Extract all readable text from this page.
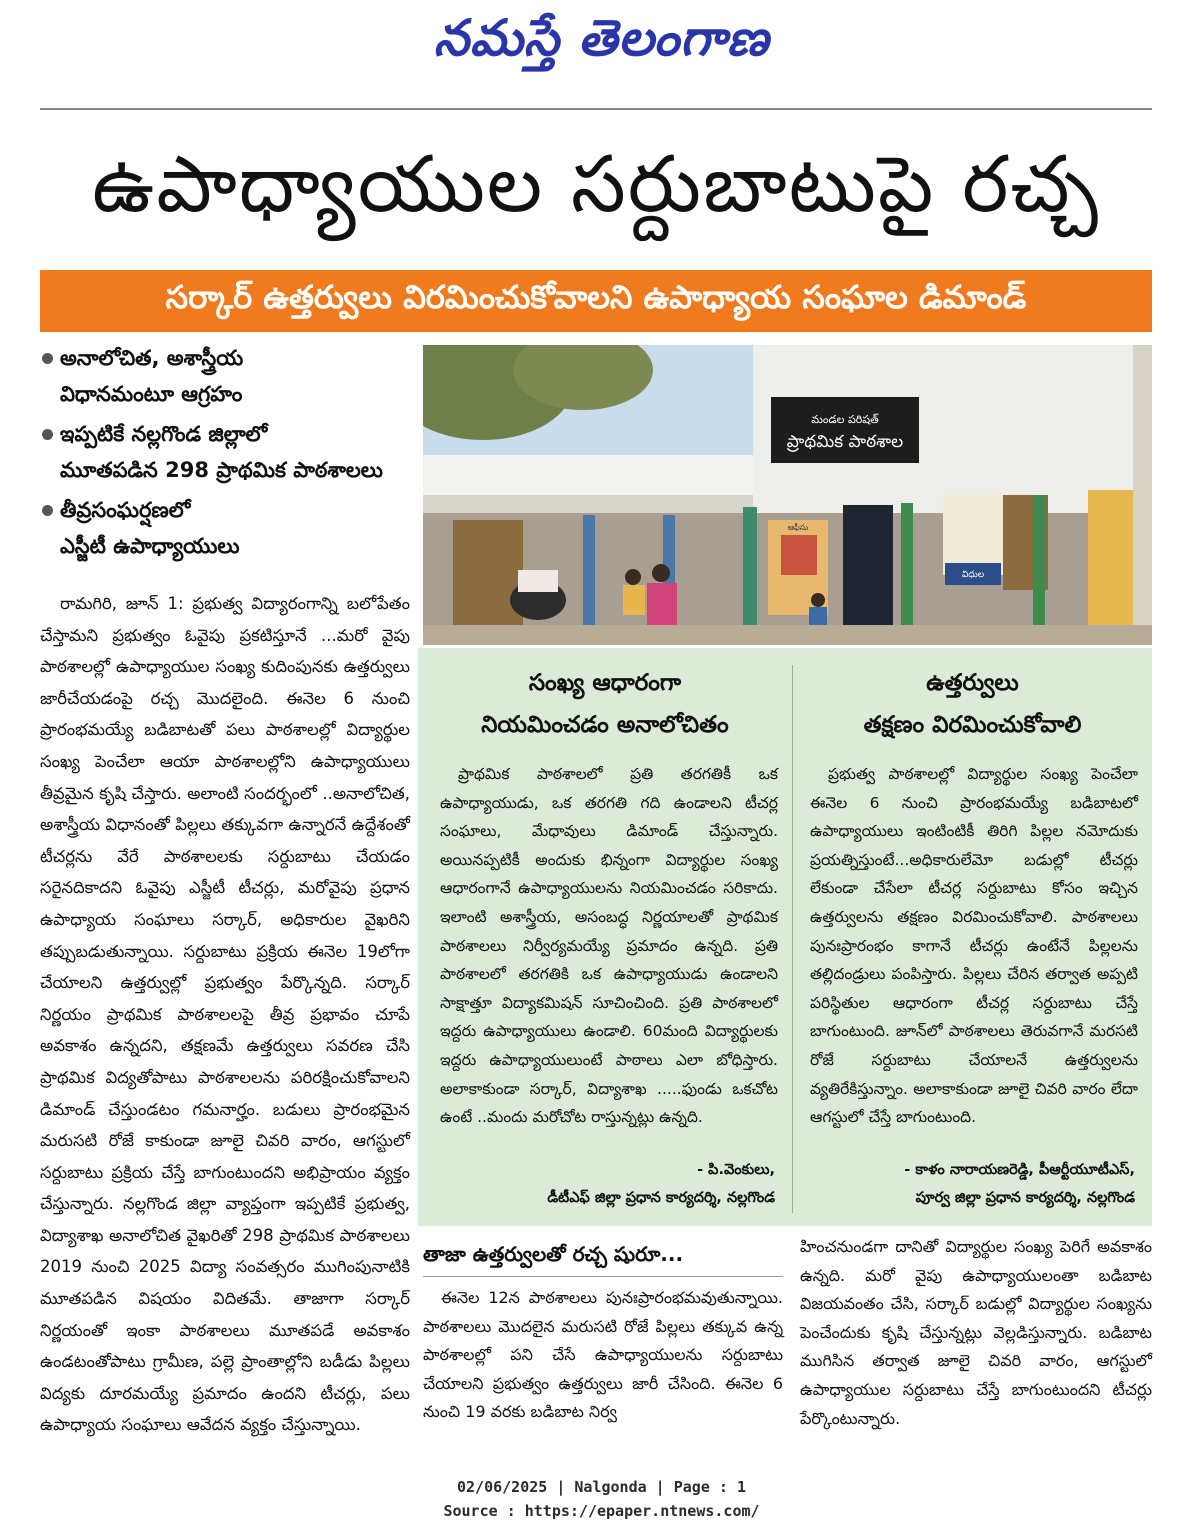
నమస్తే తెలంగాణ
ఉపాధ్యాయుల సర్దుబాటుపై రచ్చ
సర్కార్ ఉత్తర్వులు విరమించుకోవాలని ఉపాధ్యాయ సంఘాల డిమాండ్
అనాలోచిత, అశాస్త్రీయ
విధానమంటూ ఆగ్రహం
ఇప్పటికే నల్లగొండ జిల్లాలో
మూతపడిన 298 ప్రాథమిక పాఠశాలలు
తీవ్రసంఘర్షణలో
ఎస్జీటీ ఉపాధ్యాయులు

రామగిరి, జూన్ 1: ప్రభుత్వ విద్యారంగాన్ని బలోపేతం చేస్తామని ప్రభుత్వం ఓవైపు ప్రకటిస్తూనే ...మరో వైపు పాఠశాలల్లో ఉపాధ్యాయుల సంఖ్య కుదింపునకు ఉత్తర్వులు జారీచేయడంపై రచ్చ మొదలైంది. ఈనెల 6 నుంచి ప్రారంభమయ్యే బడిబాటతో పలు పాఠశాలల్లో విద్యార్థుల సంఖ్య పెంచేలా ఆయా పాఠశాలల్లోని ఉపాధ్యాయులు తీవ్రమైన కృషి చేస్తారు. అలాంటి సందర్భంలో ..అనాలోచిత, అశాస్త్రీయ విధానంతో పిల్లలు తక్కువగా ఉన్నారనే ఉద్దేశంతో టీచర్లను వేరే పాఠశాలలకు సర్దుబాటు చేయడం సరైనదికాదని ఓవైపు ఎస్జీటీ టీచర్లు, మరోవైపు ప్రధాన ఉపాధ్యాయ సంఘాలు సర్కార్, అధికారుల వైఖరిని తప్పుబడుతున్నాయి. సర్దుబాటు ప్రక్రియ ఈనెల 19లోగా చేయాలని ఉత్తర్వుల్లో ప్రభుత్వం పేర్కొన్నది. సర్కార్ నిర్ణయం ప్రాథమిక పాఠశాలలపై తీవ్ర ప్రభావం చూపే అవకాశం ఉన్నదని, తక్షణమే ఉత్తర్వులు సవరణ చేసి ప్రాథమిక విద్యతోపాటు పాఠశాలలను పరిరక్షించుకోవాలని డిమాండ్ చేస్తుండటం గమనార్హం. బడులు ప్రారంభమైన మరుసటి రోజే కాకుండా జూలై చివరి వారం, ఆగస్టులో సర్దుబాటు ప్రక్రియ చేస్తే బాగుంటుందని అభిప్రాయం వ్యక్తం చేస్తున్నారు. నల్లగొండ జిల్లా వ్యాప్తంగా ఇప్పటికే ప్రభుత్వ, విద్యాశాఖ అనాలోచిత వైఖరితో 298 ప్రాథమిక పాఠశాలలు 2019 నుంచి 2025 విద్యా సంవత్సరం ముగింపునాటికి మూతపడిన విషయం విదితమే. తాజాగా సర్కార్ నిర్ణయంతో ఇంకా పాఠశాలలు మూతపడే అవకాశం ఉండటంతోపాటు గ్రామీణ, పల్లె ప్రాంతాల్లోని బడీడు పిల్లలు విద్యకు దూరమయ్యే ప్రమాదం ఉందని టీచర్లు, పలు ఉపాధ్యాయ సంఘాలు ఆవేదన వ్యక్తం చేస్తున్నాయి.

మండల పరిషత్
ప్రాథమిక పాఠశాల
ఆఫీసు
విధుల
సంఖ్య ఆధారంగా
నియమించడం అనాలోచితం

ప్రాథమిక పాఠశాలలో ప్రతి తరగతికీ ఒక ఉపాధ్యాయుడు, ఒక తరగతి గది ఉండాలని టీచర్ల సంఘాలు, మేధావులు డిమాండ్ చేస్తున్నారు. అయినప్పటికీ అందుకు భిన్నంగా విద్యార్థుల సంఖ్య ఆధారంగానే ఉపాధ్యాయులను నియమించడం సరికాదు. ఇలాంటి అశాస్త్రీయ, అసంబద్ధ నిర్ణయాలతో ప్రాథమిక పాఠశాలలు నిర్వీర్యమయ్యే ప్రమాదం ఉన్నది. ప్రతి పాఠశాలలో తరగతికి ఒక ఉపాధ్యాయుడు ఉండాలని సాక్షాత్తూ విద్యాకమిషన్ సూచించింది. ప్రతి పాఠశాలలో ఇద్దరు ఉపాధ్యాయులు ఉండాలి. 60మంది విద్యార్థులకు ఇద్దరు ఉపాధ్యాయులుంటే పాఠాలు ఎలా బోధిస్తారు. అలాకాకుండా సర్కార్, విద్యాశాఖ .....ఫుండు ఒకచోట ఉంటే ..మందు మరోచోట రాస్తున్నట్లు ఉన్నది.

- పి.వెంకులు,
డీటీఎఫ్ జిల్లా ప్రధాన కార్యదర్శి, నల్లగొండ
ఉత్తర్వులు
తక్షణం విరమించుకోవాలి

ప్రభుత్వ పాఠశాలల్లో విద్యార్థుల సంఖ్య పెంచేలా ఈనెల 6 నుంచి ప్రారంభమయ్యే బడిబాటలో ఉపాధ్యాయులు ఇంటింటికీ తిరిగి పిల్లల నమోదుకు ప్రయత్నిస్తుంటే...అధికారులేమో బడుల్లో టీచర్లు లేకుండా చేసేలా టీచర్ల సర్దుబాటు కోసం ఇచ్చిన ఉత్తర్వులను తక్షణం విరమించుకోవాలి. పాఠశాలలు పునఃప్రారంభం కాగానే టీచర్లు ఉంటేనే పిల్లలను తల్లిదండ్రులు పంపిస్తారు. పిల్లలు చేరిన తర్వాత అప్పటి పరిస్థితుల ఆధారంగా టీచర్ల సర్దుబాటు చేస్తే బాగుంటుంది. జూన్‌లో పాఠశాలలు తెరువగానే మరసటి రోజే సర్దుబాటు చేయాలనే ఉత్తర్వులను వ్యతిరేకిస్తున్నాం. అలాకాకుండా జూలై చివరి వారం లేదా ఆగస్టులో చేస్తే బాగుంటుంది.

- కాళం నారాయణరెడ్డి, పీఆర్టీయూటీఎస్,
పూర్వ జిల్లా ప్రధాన కార్యదర్శి, నల్లగొండ
తాజా ఉత్తర్వులతో రచ్చ షురూ...

ఈనెల 12న పాఠశాలలు పునఃప్రారంభమవుతున్నాయి. పాఠశాలలు మొదలైన మరుసటి రోజే పిల్లలు తక్కువ ఉన్న పాఠశాలల్లో పని చేసే ఉపాధ్యాయులను సర్దుబాటు చేయాలని ప్రభుత్వం ఉత్తర్వులు జారీ చేసింది. ఈనెల 6 నుంచి 19 వరకు బడిబాట నిర్వ

హించనుండగా దానితో విద్యార్థుల సంఖ్య పెరిగే అవకాశం ఉన్నది. మరో వైపు ఉపాధ్యాయులంతా బడిబాట విజయవంతం చేసి, సర్కార్ బడుల్లో విద్యార్థుల సంఖ్యను పెంచేందుకు కృషి చేస్తున్నట్లు వెల్లడిస్తున్నారు. బడిబాట ముగిసిన తర్వాత జూలై చివరి వారం, ఆగస్టులో ఉపాధ్యాయుల సర్దుబాటు చేస్తే బాగుంటుందని టీచర్లు పేర్కొంటున్నారు.

02/06/2025 | Nalgonda | Page : 1
Source : https://epaper.ntnews.com/
